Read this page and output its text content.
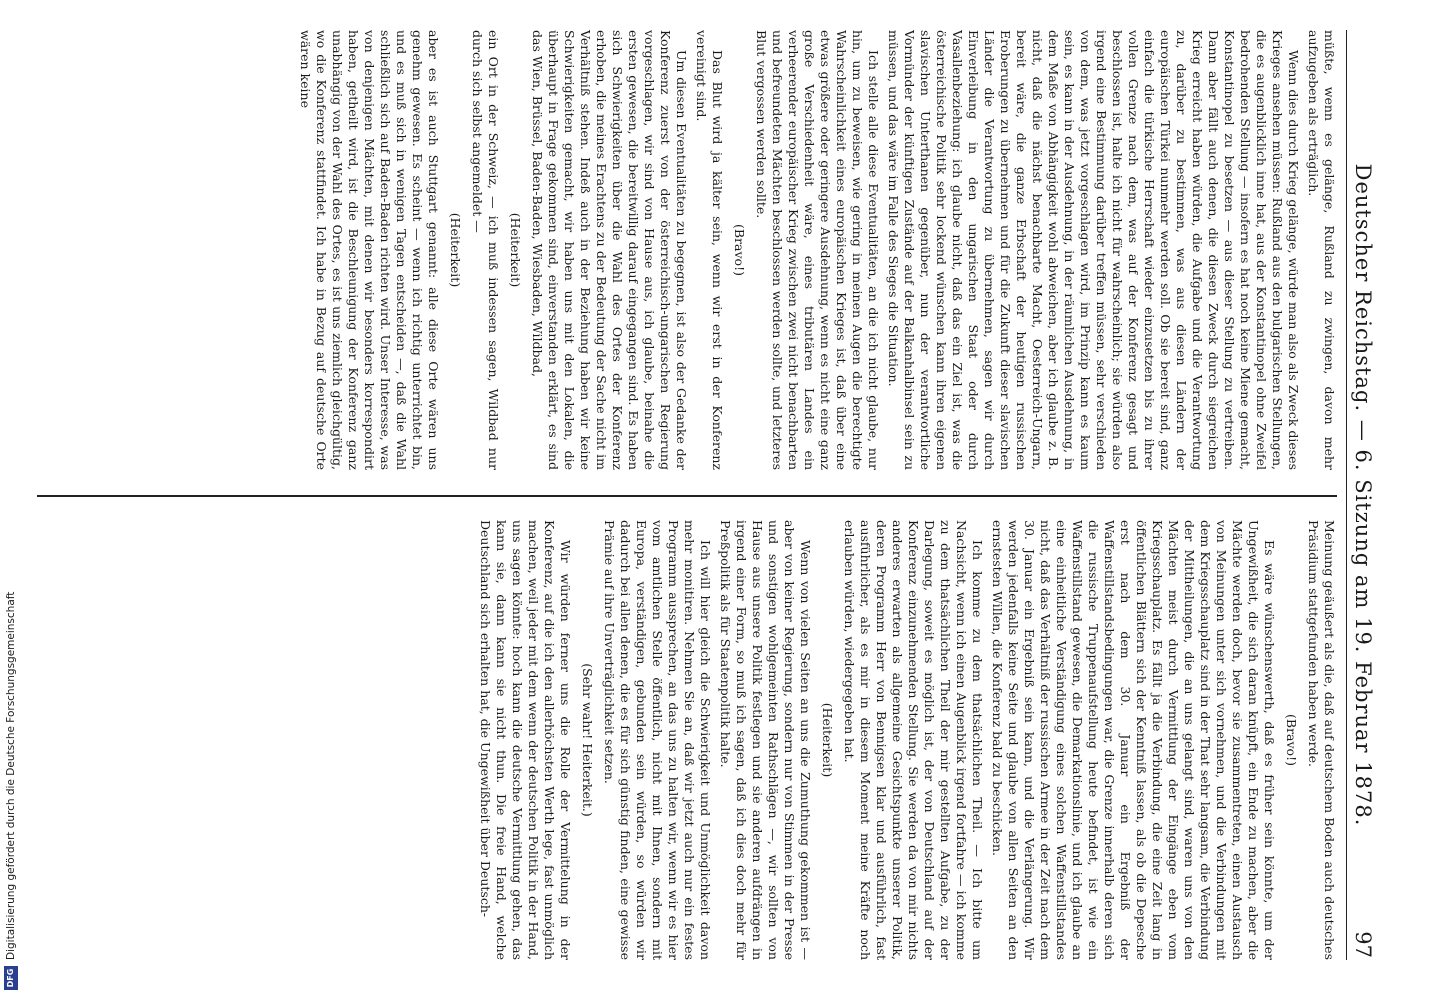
Deutscher Reichstag. — 6. Sitzung am 19. Februar 1878.
97

müßte, wenn es gelänge, Rußland zu zwingen, davon mehr aufzugeben als erträglich.

Wenn dies durch Krieg gelänge, würde man also als Zweck dieses Krieges ansehen müssen: Rußland aus den bulgarischen Stellungen, die es augenblicklich inne hat, aus der Konstantinopel ohne Zweifel bedrohenden Stellung — insofern es hat noch keine Miene gemacht, Konstantinopel zu besetzen — aus dieser Stellung zu vertreiben. Dann aber fällt auch denen, die diesen Zweck durch siegreichen Krieg erreicht haben würden, die Aufgabe und die Verantwortung zu, darüber zu bestimmen, was aus diesen Ländern der europäischen Türkei nunmehr werden soll. Ob sie bereit sind, ganz einfach die türkische Herrschaft wieder einzusetzen bis zu ihrer vollen Grenze nach dem, was auf der Konferenz gesagt und beschlossen ist, halte ich nicht für wahrscheinlich; sie würden also irgend eine Bestimmung darüber treffen müssen, sehr verschieden von dem, was jetzt vorgeschlagen wird, im Prinzip kann es kaum sein, es kann in der Ausdehnung, in der räumlichen Ausdehnung, in dem Maße von Abhängigkeit wohl abweichen, aber ich glaube z. B. nicht, daß die nächst benachbarte Macht, Oesterreich-Ungarn, bereit wäre, die ganze Erbschaft der heutigen russischen Eroberungen zu übernehmen und für die Zukunft dieser slavischen Länder die Verantwortung zu übernehmen, sagen wir durch Einverleibung in den ungarischen Staat oder durch Vasallenbeziehung: ich glaube nicht, daß das ein Ziel ist, was die österreichische Politik sehr lockend wünschen kann ihren eigenen slavischen Unterthanen gegenüber, nun der verantwortliche Vormünder der künftigen Zustände auf der Balkanhalbinsel sein zu müssen, und das wäre im Falle des Sieges die Situation.

Ich stelle alle diese Eventualitäten, an die ich nicht glaube, nur hin, um zu beweisen, wie gering in meinen Augen die berechtigte Wahrscheinlichkeit eines europäischen Krieges ist, daß über eine etwas größere oder geringere Ausdehnung, wenn es nicht eine ganz große Verschiedenheit wäre, eines tributären Landes ein verheerender europäischer Krieg zwischen zwei nicht benachbarten und befreundeten Mächten beschlossen werden sollte, und letzteres Blut vergossen werden sollte.

(Bravo!)

Das Blut wird ja kälter sein, wenn wir erst in der Konferenz vereinigt sind.

Um diesen Eventualitäten zu begegnen, ist also der Gedanke der Konferenz zuerst von der österreichisch-ungarischen Regierung vorgeschlagen, wir sind von Hause aus, ich glaube, beinahe die ersten gewesen, die bereitwillig darauf eingegangen sind. Es haben sich Schwierigkeiten über die Wahl des Ortes der Konferenz erhoben, die meines Erachtens zu der Bedeutung der Sache nicht im Verhältniß stehen. Indeß auch in der Beziehung haben wir keine Schwierigkeiten gemacht, wir haben uns mit den Lokalen, die überhaupt in Frage gekommen sind, einverstanden erklärt, es sind das Wien, Brüssel, Baden-Baden, Wiesbaden, Wildbad,

(Heiterkeit)

ein Ort in der Schweiz, — ich muß indessen sagen, Wildbad nur durch sich selbst angemeldet —

(Heiterkeit)

aber es ist auch Stuttgart genannt: alle diese Orte wären uns genehm gewesen. Es scheint — wenn ich richtig unterrichtet bin, und es muß sich in wenigen Tagen entscheiden —, daß die Wahl schließlich sich auf Baden-Baden richten wird. Unser Interesse, was von denjenigen Mächten, mit denen wir besonders korrespondirt haben, getheilt wird, ist die Beschleunigung der Konferenz ganz unabhängig von der Wahl des Ortes, es ist uns ziemlich gleichgültig, wo die Konferenz stattfindet. Ich habe in Bezug auf deutsche Orte wären keine

Meinung geäußert als die, daß auf deutschem Boden auch deutsches Präsidium stattgefunden haben werde.

(Bravo!)

Es wäre wünschenswerth, daß es früher sein könnte, um der Ungewißheit, die sich daran knüpft, ein Ende zu machen, aber die Mächte werden doch, bevor sie zusammentreten, einen Austausch von Meinungen unter sich vornehmen, und die Verbindungen mit dem Kriegsschauplatz sind in der That sehr langsam, die Verbindung der Mittheilungen, die an uns gelangt sind, waren uns von den Mächten meist durch Vermittlung der Eingänge eben vom Kriegsschauplatz. Es fällt ja die Verbindung, die eine Zeit lang in öffentlichen Blättern sich der Kenntniß lassen, als ob die Depesche erst nach dem 30. Januar ein Ergebniß der Waffenstillstandsbedingungen war, die Grenze innerhalb deren sich die russische Truppenaufstellung heute befindet, ist wie ein Waffenstillstand gewesen, die Demarkationslinie, und ich glaube an eine einheitliche Verständigung eines solchen Waffenstillstandes nicht, daß das Verhältniß der russischen Armee in der Zeit nach dem 30. Januar ein Ergebniß sein kann, und die Verlängerung. Wir werden jedenfalls keine Seite und glaube von allen Seiten an den ernstesten Willen, die Konferenz bald zu beschicken.

Ich komme zu dem thatsächlichen Theil. — Ich bitte um Nachsicht, wenn ich einen Augenblick irgend fortfahre — ich komme zu dem thatsächlichen Theil der mir gestellten Aufgabe, zu der Darlegung, soweit es möglich ist, der von Deutschland auf der Konferenz einzunehmenden Stellung. Sie werden da von mir nichts anderes erwarten als allgemeine Gesichtspunkte unserer Politik, deren Programm Herr von Bennigsen klar und ausführlich, fast ausführlicher, als es mir in diesem Moment meine Kräfte noch erlauben würden, wiedergegeben hat.

(Heiterkeit)

Wenn von vielen Seiten an uns die Zumuthung gekommen ist — aber von keiner Regierung, sondern nur von Stimmen in der Presse und sonstigen wohlgemeinten Rathschlägen —, wir sollten von Hause aus unsere Politik festlegen und sie anderen aufdrängen in irgend einer Form, so muß ich sagen, daß ich dies doch mehr für Preßpolitik als für Staatenpolitik halte.

Ich will hier gleich die Schwierigkeit und Unmöglichkeit davon mehr monitiren. Nehmen Sie an, daß wir jetzt auch nur ein festes Programm aussprechen, an das uns zu halten wir, wenn wir es hier vom amtlichen Stelle öffentlich, nicht mit Ihnen, sondern mit Europa, verständigen, gebunden sein würden, so würden wir dadurch bei allen denen, die es für sich günstig finden, eine gewisse Prämie auf ihre Unverträglichkeit setzen.

(Sehr wahr! Heiterkeit.)

Wir würden ferner uns die Rolle der Vermittelung in der Konferenz, auf die ich den allerhöchsten Werth lege, fast unmöglich machen, weil jeder mit dem wenn der deutschen Politik in der Hand, uns sagen könnte: hoch kann die deutsche Vermittlung gehen, das kann sie, dann kann sie nicht thun. Die freie Hand, welche Deutschland sich erhalten hat, die Ungewißheit über Deutsch-

DFG
Digitalisierung gefördert durch die Deutsche Forschungsgemeinschaft
